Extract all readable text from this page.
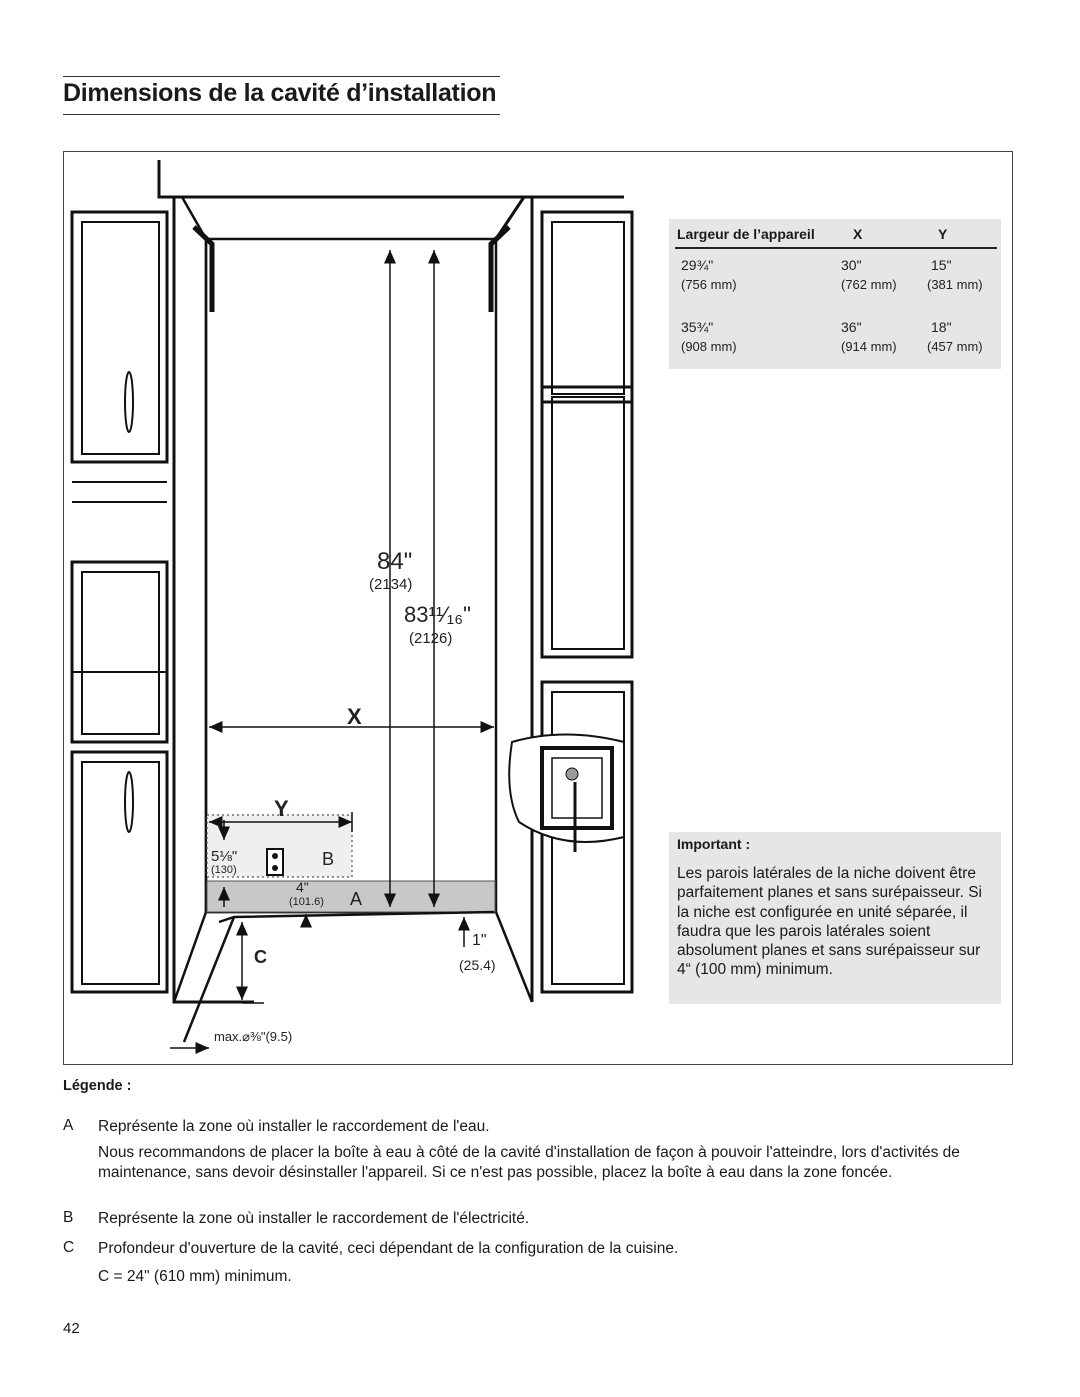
Dimensions de la cavité d’installation
84"
(2134)
83¹¹⁄₁₆"
(2126)
X
Y
5⅛"
(130)
B
4"
(101.6) A
C
1"
(25.4)
max.⌀⅜"(9.5)
Largeur de l’appareil	X	Y
29¾"
(756 mm)
30"
(762 mm)
15"
(381 mm)
35¾"
(908 mm)
36"
(914 mm)
18"
(457 mm)
Important :
Les parois latérales de la niche doivent être parfaitement planes et sans surépaisseur. Si la niche est configurée en unité séparée, il faudra que les parois latérales soient absolument planes et sans surépaisseur sur 4“ (100 mm) minimum.
Légende :
A Représente la zone où installer le raccordement de l'eau.
Nous recommandons de placer la boîte à eau à côté de la cavité d'installation de façon à pouvoir l'atteindre, lors d'activités de maintenance, sans devoir désinstaller l'appareil. Si ce n'est pas possible, placez la boîte à eau dans la zone foncée.
B Représente la zone où installer le raccordement de l'électricité.
C Profondeur d'ouverture de la cavité, ceci dépendant de la configuration de la cuisine.
C = 24" (610 mm) minimum.
42
